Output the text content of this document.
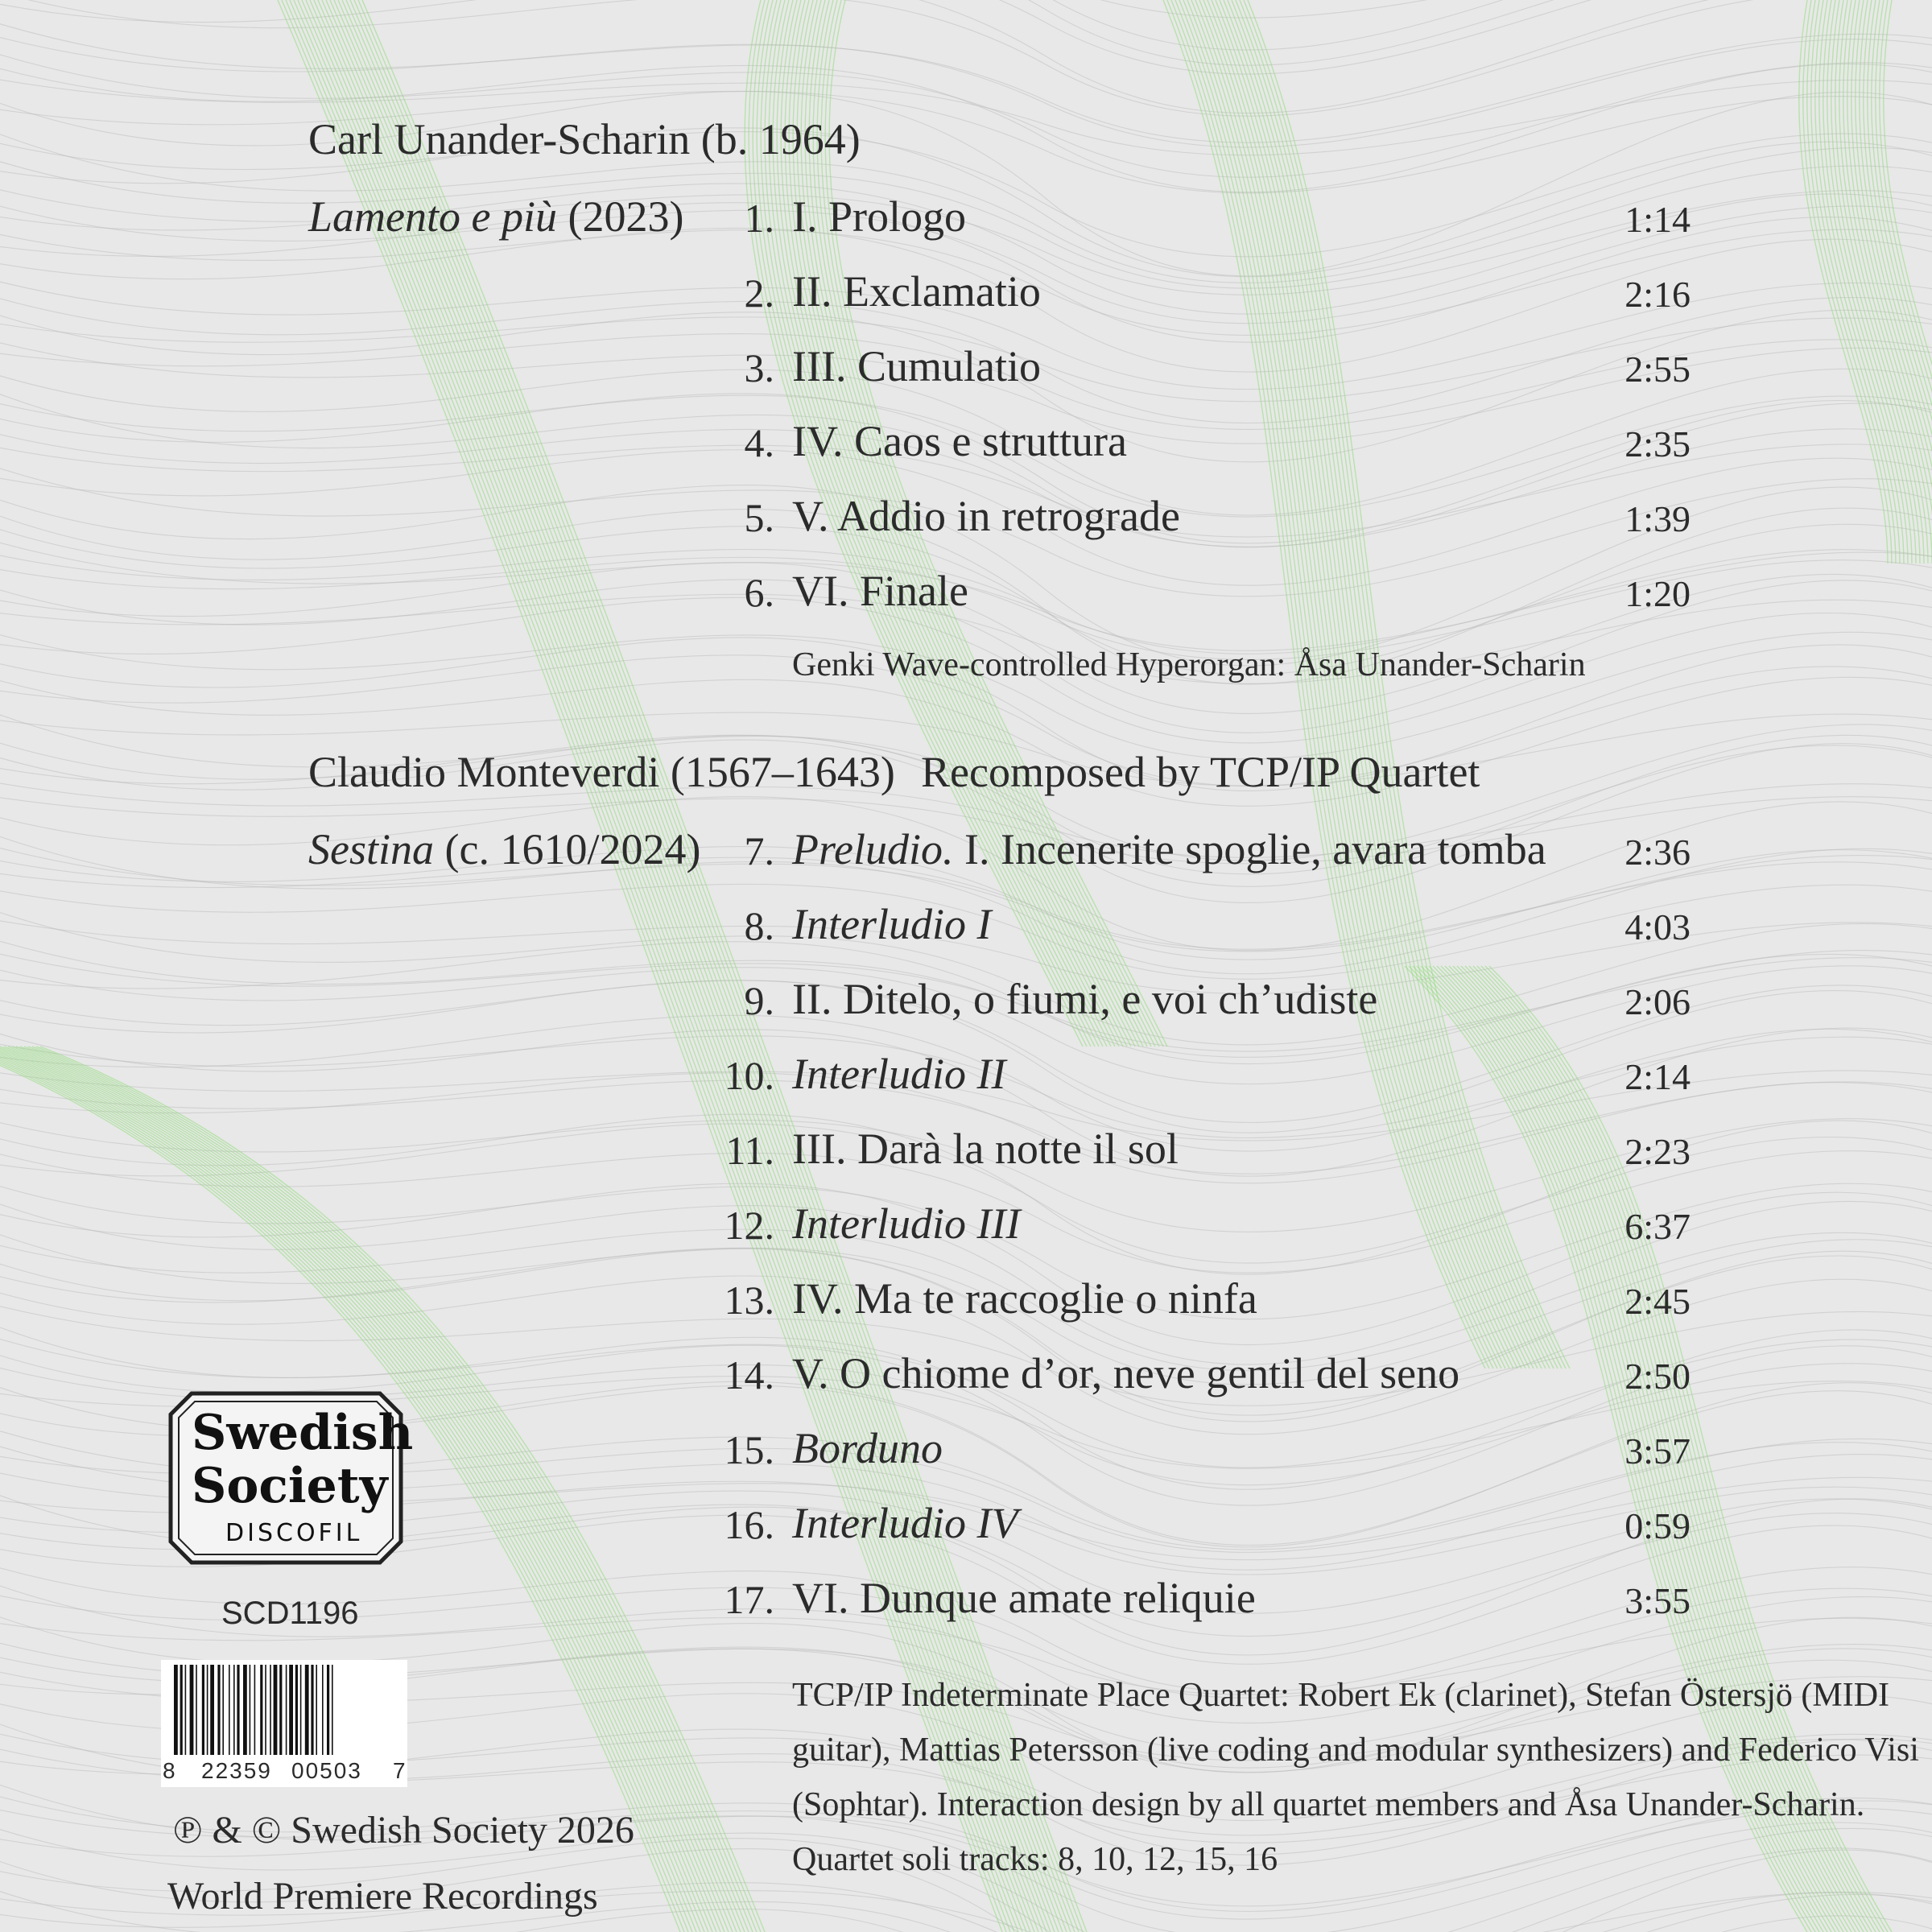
Carl Unander-Scharin (b. 1964)
Lamento e più (2023)	1. I. Prologo	1:14
2. II. Exclamatio	2:16
3. III. Cumulatio	2:55
4. IV. Caos e struttura	2:35
5. V. Addio in retrograde	1:39
6. VI. Finale	1:20
Genki Wave-controlled Hyperorgan: Åsa Unander-Scharin
Claudio Monteverdi (1567–1643) Recomposed by TCP/IP Quartet
Sestina (c. 1610/2024)	7. Preludio. I. Incenerite spoglie, avara tomba	2:36
8. Interludio I	4:03
9. II. Ditelo, o fiumi, e voi ch’udiste	2:06
10. Interludio II	2:14
11. III. Darà la notte il sol	2:23
12. Interludio III	6:37
13. IV. Ma te raccoglie o ninfa	2:45
14. V. O chiome d’or, neve gentil del seno	2:50
15. Borduno	3:57
16. Interludio IV	0:59
17. VI. Dunque amate reliquie	3:55
TCP/IP Indeterminate Place Quartet: Robert Ek (clarinet), Stefan Östersjö (MIDI guitar), Mattias Petersson (live coding and modular synthesizers) and Federico Visi (Sophtar). Interaction design by all quartet members and Åsa Unander-Scharin. Quartet soli tracks: 8, 10, 12, 15, 16
Swedish
Society
DISCOFIL
SCD1196
8 22359 00503 7
℗ & © Swedish Society 2026
World Premiere Recordings
